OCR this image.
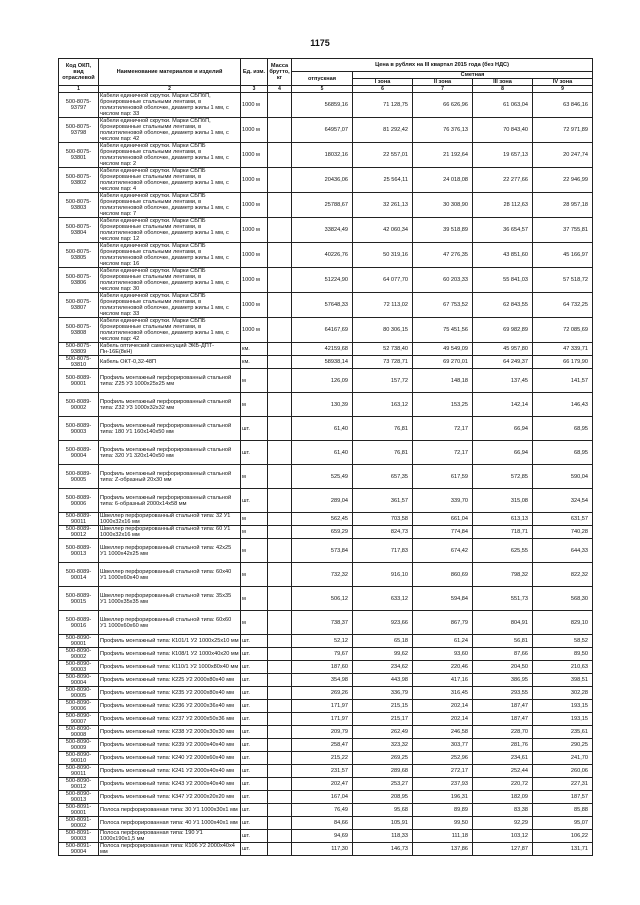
1175
Код ОКП, вид отраслевой	Наименование материалов и изделий	Ед. изм.	Масса брутто, кг	Цена в рублях на III квартал 2015 года (без НДС)				
				отпускная	Сметная			
					I зона	II зона	III зона	IV зона
1	2	3	4	5	6	7	8	9
500-8075-93797	Кабели единичной скрутки. Марки СБПбП, бронированные стальными лентами, в полиэтиленовой оболочке, диаметр жилы 1 мм, с числом пар: 33	1000 м		56859,16	71 128,75	66 626,96	61 063,04	63 846,16
500-8075-93798	Кабели единичной скрутки. Марки СБПбП, бронированные стальными лентами, в полиэтиленовой оболочке, диаметр жилы 1 мм, с числом пар: 42	1000 м		64957,07	81 292,42	76 376,13	70 843,40	72 971,89
500-8075-93801	Кабели единичной скрутки. Марки СБПБ бронированные стальными лентами, в полиэтиленовой оболочке, диаметр жилы 1 мм, с числом пар: 2	1000 м		18032,16	22 557,01	21 192,64	19 657,13	20 247,74
500-8075-93802	Кабели единичной скрутки. Марки СБПБ бронированные стальными лентами, в полиэтиленовой оболочке, диаметр жилы 1 мм, с числом пар: 4	1000 м		20436,06	25 564,11	24 018,08	22 277,66	22 946,99
500-8075-93803	Кабели единичной скрутки. Марки СБПБ бронированные стальными лентами, в полиэтиленовой оболочке, диаметр жилы 1 мм, с числом пар: 7	1000 м		25788,67	32 261,13	30 308,90	28 112,63	28 957,18
500-8075-93804	Кабели единичной скрутки. Марки СБПБ бронированные стальными лентами, в полиэтиленовой оболочке, диаметр жилы 1 мм, с числом пар: 12	1000 м		33824,49	42 060,34	39 518,89	36 654,57	37 755,81
500-8075-93805	Кабели единичной скрутки. Марки СБПБ бронированные стальными лентами, в полиэтиленовой оболочке, диаметр жилы 1 мм, с числом пар: 16	1000 м		40226,76	50 319,16	47 276,35	43 851,60	45 166,97
500-8075-93806	Кабели единичной скрутки. Марки СБПБ бронированные стальными лентами, в полиэтиленовой оболочке, диаметр жилы 1 мм, с числом пар: 30	1000 м		51224,90	64 077,70	60 203,33	55 841,03	57 518,72
500-8075-93807	Кабели единичной скрутки. Марки СБПБ бронированные стальными лентами, в полиэтиленовой оболочке, диаметр жилы 1 мм, с числом пар: 33	1000 м		57648,33	72 113,02	67 753,52	62 843,55	64 732,25
500-8075-93808	Кабели единичной скрутки. Марки СБПБ бронированные стальными лентами, в полиэтиленовой оболочке, диаметр жилы 1 мм, с числом пар: 42	1000 м		64167,69	80 306,15	75 451,56	69 982,89	72 085,69
500-8075-93809	Кабель оптический самонесущий ЭКБ-ДПТ-Пн-16Е(8кН)	км.		42159,68	52 738,40	49 549,09	45 957,80	47 339,71
500-8075-93810	Кабель ОКТ-0,32-48П	км.		58938,14	73 728,71	69 270,01	64 249,37	66 179,90
500-8089-90001	Профиль монтажный перфорированный стальной типа: Z25 У3 1000х25х25 мм	м		126,09	157,72	148,18	137,45	141,57
500-8089-90002	Профиль монтажный перфорированный стальной типа: Z32 У3 1000х32х32 мм	м		130,39	163,12	153,25	142,14	146,43
500-8089-90003	Профиль монтажный перфорированный стальной типа: 180 У1 160х140х50 мм	шт.		61,40	76,81	72,17	66,94	68,95
500-8089-90004	Профиль монтажный перфорированный стальной типа: 320 У1 320х140х50 мм	шт.		61,40	76,81	72,17	66,94	68,95
500-8089-90005	Профиль монтажный перфорированный стальной типа: Z-образный 20х30 мм	м		525,49	657,35	617,59	572,85	590,04
500-8089-90006	Профиль монтажный перфорированный стальной типа: 6-образный 2000х14х58 мм	шт.		289,04	361,57	339,70	315,08	324,54
500-8089-90011	Швеллер перфорированный стальной типа: 32 У1 1000х32х16 мм	м		562,45	703,58	661,04	613,13	631,57
500-8089-90012	Швеллер перфорированный стальной типа: 60 У1 1000х32х16 мм	м		659,29	824,73	774,84	718,71	740,28
500-8089-90013	Швеллер перфорированный стальной типа: 42х25 У1 1000х42х25 мм	м		573,84	717,83	674,42	625,55	644,33
500-8089-90014	Швеллер перфорированный стальной типа: 60х40 У1 1000х60х40 мм	м		732,32	916,10	860,69	798,32	822,32
500-8089-90015	Швеллер перфорированный стальной типа: 35х35 У1 1000х35х35 мм	м		506,12	633,12	594,84	551,73	568,30
500-8089-90016	Швеллер перфорированный стальной типа: 60х60 У1 1000х60х60 мм	м		738,37	923,66	867,79	804,91	829,10
500-8090-90001	Профиль монтажный типа: К101/1 У2 1000х25х10 мм	шт.		52,12	65,18	61,24	56,81	58,52
500-8090-90002	Профиль монтажный типа: К108/1 У2 1000х40х20 мм	шт.		79,67	99,62	93,60	87,66	89,50
500-8090-90003	Профиль монтажный типа: К110/1 У2 1000х80х40 мм	шт.		187,60	234,62	220,46	204,50	210,63
500-8090-90004	Профиль монтажный типа: К225 У2 2000х80х40 мм	шт.		354,98	443,98	417,16	386,95	398,51
500-8090-90005	Профиль монтажный типа: К235 У2 2000х80х40 мм	шт.		269,26	336,79	316,45	293,55	302,28
500-8090-90006	Профиль монтажный типа: К236 У2 2000х36х40 мм	шт.		171,97	215,15	202,14	187,47	193,15
500-8090-90007	Профиль монтажный типа: К237 У2 2000х50х36 мм	шт.		171,97	215,17	202,14	187,47	193,15
500-8090-90008	Профиль монтажный типа: К238 У2 2000х30х30 мм	шт.		209,79	262,49	246,58	228,70	235,61
500-8090-90009	Профиль монтажный типа: К239 У2 2000х40х40 мм	шт.		258,47	323,32	303,77	281,76	290,25
500-8090-90010	Профиль монтажный типа: К240 У2 2000х60х40 мм	шт.		215,22	269,25	252,96	234,61	241,70
500-8090-90011	Профиль монтажный типа: К241 У2 2000х40х40 мм	шт.		231,57	289,68	272,17	252,44	260,06
500-8090-90012	Профиль монтажный типа: К243 У2 2000х40х40 мм	шт.		202,47	253,27	237,93	220,72	227,31
500-8090-90013	Профиль монтажный типа: К347 У2 2000х20х20 мм	шт.		167,04	208,95	196,31	182,09	187,57
500-8091-90001	Полоса перфорированная типа: 30 У1 1000х30х1 мм	шт.		76,49	95,68	89,89	83,38	85,88
500-8091-90002	Полоса перфорированная типа: 40 У1 1000х40х1 мм	шт.		84,66	105,91	99,50	92,29	95,07
500-8091-90003	Полоса перфорированная типа: 190 У1 1000х190х1,5 мм	шт.		94,69	118,33	111,18	103,12	106,22
500-8091-90004	Полоса перфорированная типа: К106 У2 2000х40х4 мм	шт.		117,30	146,73	137,86	127,87	131,71
